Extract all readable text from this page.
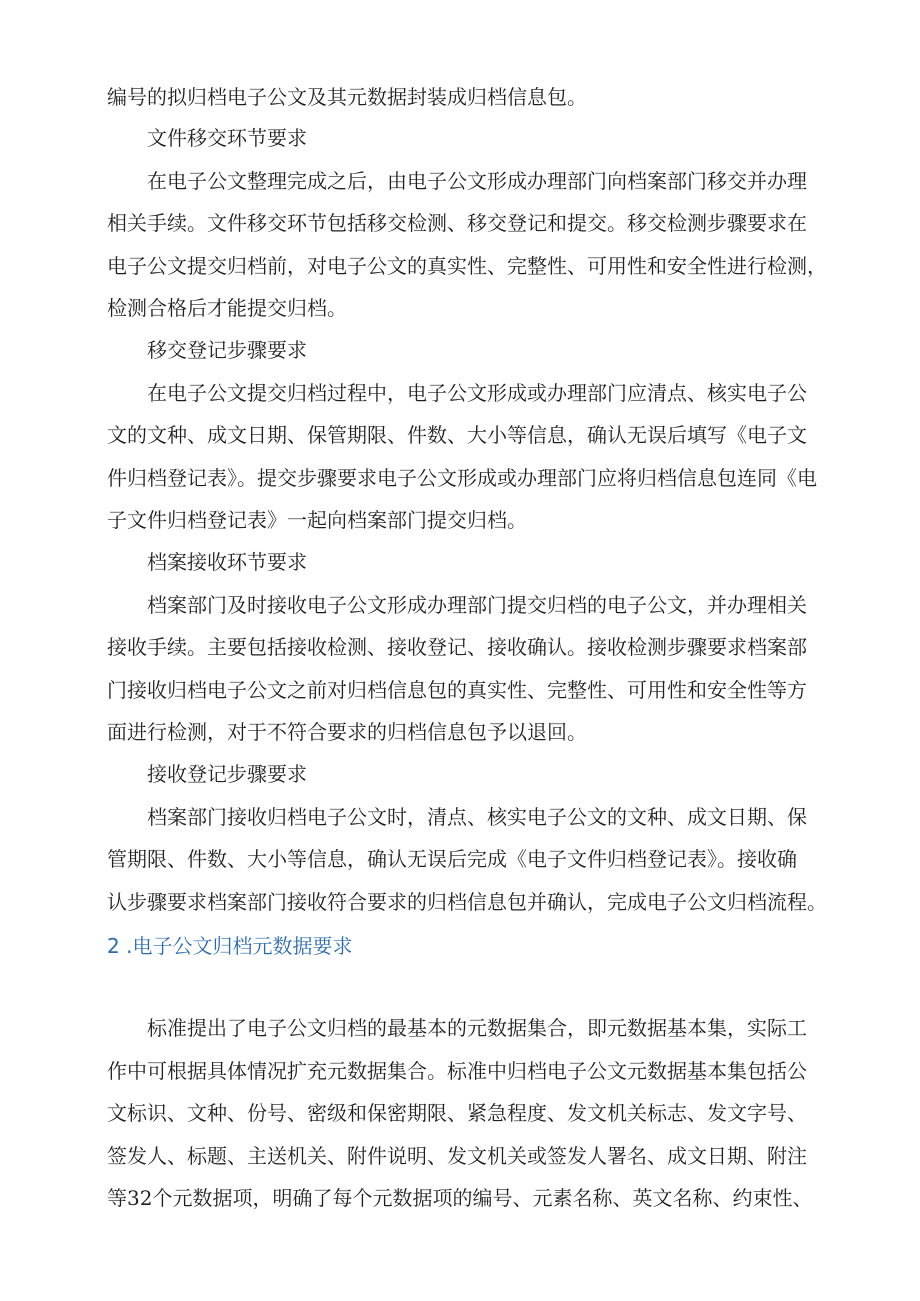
编号的拟归档电子公文及其元数据封装成归档信息包。
文件移交环节要求
在电子公文整理完成之后，由电子公文形成办理部门向档案部门移交并办理
相关手续。文件移交环节包括移交检测、移交登记和提交。移交检测步骤要求在
电子公文提交归档前，对电子公文的真实性、完整性、可用性和安全性进行检测，
检测合格后才能提交归档。
移交登记步骤要求
在电子公文提交归档过程中，电子公文形成或办理部门应清点、核实电子公
文的文种、成文日期、保管期限、件数、大小等信息，确认无误后填写《电子文
件归档登记表》。提交步骤要求电子公文形成或办理部门应将归档信息包连同《电
子文件归档登记表》一起向档案部门提交归档。
档案接收环节要求
档案部门及时接收电子公文形成办理部门提交归档的电子公文，并办理相关
接收手续。主要包括接收检测、接收登记、接收确认。接收检测步骤要求档案部
门接收归档电子公文之前对归档信息包的真实性、完整性、可用性和安全性等方
面进行检测，对于不符合要求的归档信息包予以退回。
接收登记步骤要求
档案部门接收归档电子公文时，清点、核实电子公文的文种、成文日期、保
管期限、件数、大小等信息，确认无误后完成《电子文件归档登记表》。接收确
认步骤要求档案部门接收符合要求的归档信息包并确认，完成电子公文归档流程。
2 .电子公文归档元数据要求
标准提出了电子公文归档的最基本的元数据集合，即元数据基本集，实际工
作中可根据具体情况扩充元数据集合。标准中归档电子公文元数据基本集包括公
文标识、文种、份号、密级和保密期限、紧急程度、发文机关标志、发文字号、
签发人、标题、主送机关、附件说明、发文机关或签发人署名、成文日期、附注
等32个元数据项，明确了每个元数据项的编号、元素名称、英文名称、约束性、
